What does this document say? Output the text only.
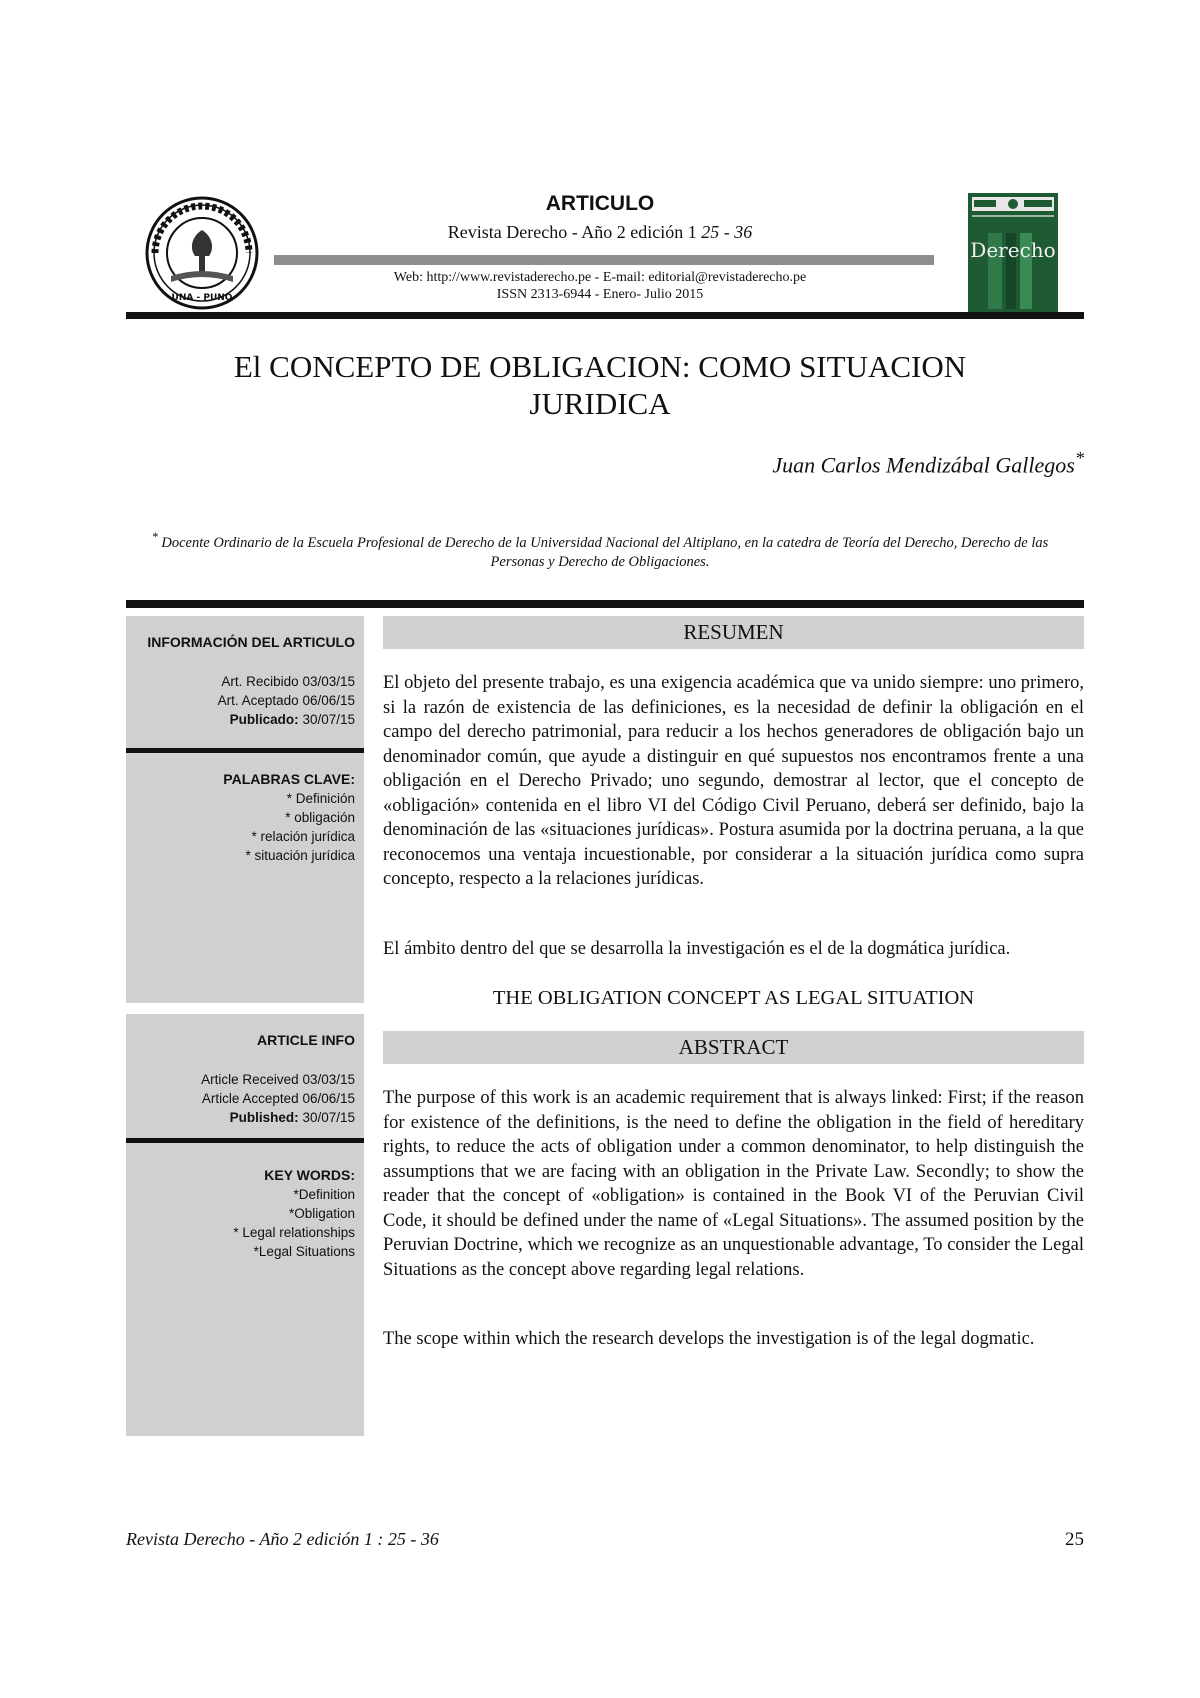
UNA - PUNO
ARTICULO
Revista Derecho - Año 2 edición 1 25 - 36
Web: http://www.revistaderecho.pe - E-mail: editorial@revistaderecho.pe
ISSN 2313-6944 - Enero- Julio 2015
Derecho
El CONCEPTO DE OBLIGACION: COMO SITUACION
JURIDICA
Juan Carlos Mendizábal Gallegos*
* Docente Ordinario de la Escuela Profesional de Derecho de la Universidad Nacional del Altiplano, en la catedra de Teoría del Derecho, Derecho de las Personas y Derecho de Obligaciones.
INFORMACIÓN DEL ARTICULO
Art. Recibido 03/03/15
Art. Aceptado 06/06/15
Publicado: 30/07/15
PALABRAS CLAVE:
* Definición
* obligación
* relación jurídica
* situación jurídica
ARTICLE INFO
Article Received 03/03/15
Article Accepted 06/06/15
Published: 30/07/15
KEY WORDS:
*Definition
*Obligation
* Legal relationships
*Legal Situations
RESUMEN
El objeto del presente trabajo, es una exigencia académica que va unido siempre: uno primero, si la razón de existencia de las definiciones, es la necesidad de definir la obligación en el campo del derecho patrimonial, para reducir a los hechos generadores de obligación bajo un denominador común, que ayude a distinguir en qué supuestos nos encontramos frente a una obligación en el Derecho Privado; uno segundo, demostrar al lector, que el concepto de «obligación» contenida en el libro VI del Código Civil Peruano, deberá ser definido, bajo la denominación de las «situaciones jurídicas». Postura asumida por la doctrina peruana, a la que reconocemos una ventaja incuestionable, por considerar a la situación jurídica como supra concepto, respecto a la relaciones jurídicas.
El ámbito dentro del que se desarrolla la investigación es el de la dogmática jurídica.
THE OBLIGATION CONCEPT AS LEGAL SITUATION
ABSTRACT
The purpose of this work is an academic requirement that is always linked: First; if the reason for existence of the definitions, is the need to define the obligation in the field of hereditary rights, to reduce the acts of obligation under a common denominator, to help distinguish the assumptions that we are facing with an obligation in the Private Law. Secondly; to show the reader that the concept of «obligation» is contained in the Book VI of the Peruvian Civil Code, it should be defined under the name of «Legal Situations». The assumed position by the Peruvian Doctrine, which we recognize as an unquestionable advantage, To consider the Legal Situations as the concept above regarding legal relations.
The scope within which the research develops the investigation is of the legal dogmatic.
Revista Derecho - Año 2 edición 1 : 25 - 36	25
